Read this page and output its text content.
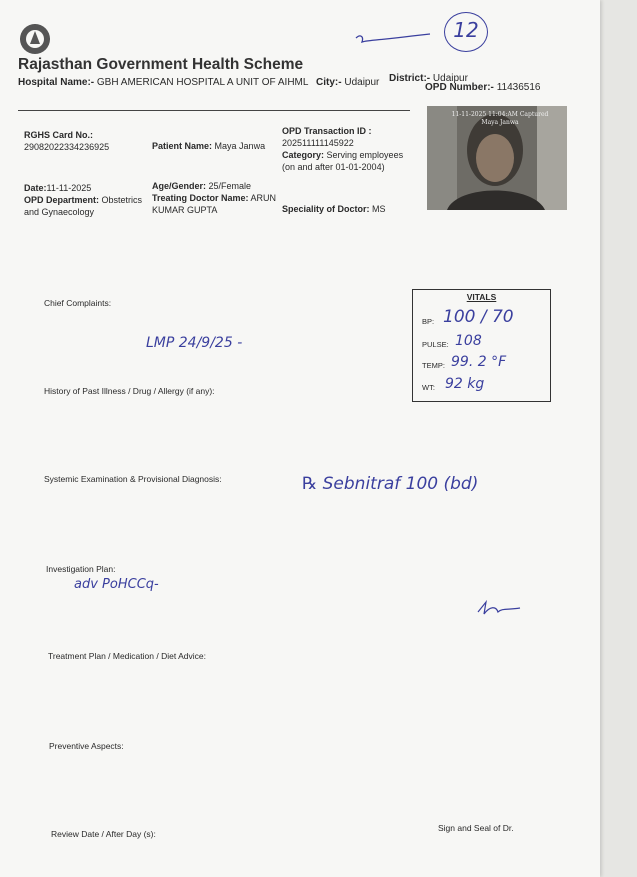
12
Rajasthan Government Health Scheme
Hospital Name:- GBH AMERICAN HOSPITAL A UNIT OF AIHML City:- Udaipur District:- Udaipur
OPD Number:- 11436516
RGHS Card No.:
29082022334236925	Patient Name: Maya Janwa
OPD Transaction ID :
202511111145922
Category: Serving employees (on and after 01-01-2004)
Date:11-11-2025	Age/Gender: 25/Female
OPD Department: Obstetrics and Gynaecology
Treating Doctor Name: ARUN KUMAR GUPTA	Speciality of Doctor: MS
11-11-2025 11:04:AM Captured
Maya Janwa
VITALS
BP: 100 / 70
PULSE: 108
TEMP: 99. 2 °F
WT: 92 kg
Chief Complaints:
LMP 24/9/25 -
History of Past Illness / Drug / Allergy (if any):
Systemic Examination & Provisional Diagnosis:	℞ Sebnitraf 100 (bd)
Investigation Plan:
adv PoHCCq-
Treatment Plan / Medication / Diet Advice:
Preventive Aspects:
Review Date / After Day (s):
Sign and Seal of Dr.
